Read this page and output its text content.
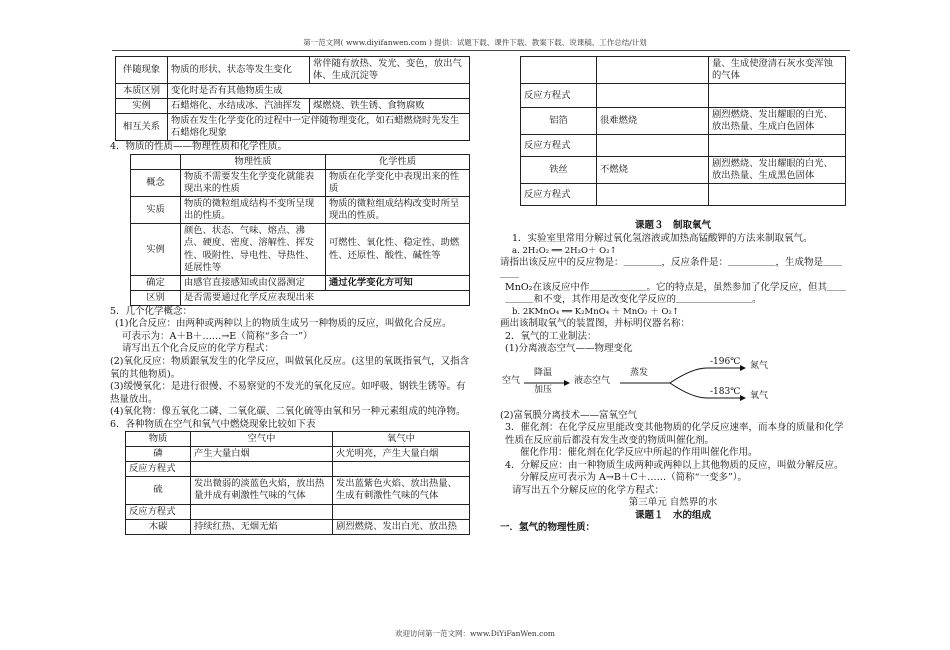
第一范文网( www.diyifanwen.com ) 提供：试题下载、课件下载、教案下载、说课稿、工作总结/计划
伴随现象	物质的形状、状态等发生变化	常伴随有放热、发光、变色，放出气体、生成沉淀等
本质区别	变化时是否有其他物质生成	
实例	石蜡熔化、水结成冰、汽油挥发	煤燃烧、铁生锈、食物腐败
相互关系	物质在发生化学变化的过程中一定伴随物理变化，如石蜡燃烧时先发生石蜡熔化现象	

4．物质的性质——物理性质和化学性质。

	物理性质	化学性质
概念	物质不需要发生化学变化就能表现出来的性质	物质在化学变化中表现出来的性质
实质	物质的微粒组成结构不变所呈现出的性质。	物质的微粒组成结构改变时所呈现出的性质。
实例	颜色、状态、气味、熔点、沸点、硬度、密度、溶解性、挥发性、吸附性、导电性、导热性、延展性等	可燃性、氧化性、稳定性、助燃性、还原性、酸性、碱性等
确定	由感官直接感知或由仪器测定	通过化学变化方可知
区别	是否需要通过化学反应表现出来	

5．几个化学概念：

(1)化合反应：由两种或两种以上的物质生成另一种物质的反应，叫做化合反应。

可表示为：A＋B＋……→E（简称“多合一”）

请写出五个化合反应的化学方程式：

(2)氧化反应：物质跟氧发生的化学反应，叫做氧化反应。(这里的氧既指氧气，又指含氧的其他物质)。

(3)缓慢氧化：是进行很慢、不易察觉的不发光的氧化反应。如呼吸、钢铁生锈等。有热量放出。

(4)氧化物：像五氧化二磷、二氧化碳、二氧化硫等由氧和另一种元素组成的纯净物。

6．各种物质在空气和氧气中燃烧现象比较如下表

物质	空气中	氧气中
磷	产生大量白烟	火光明亮，产生大量白烟
反应方程式		
硫	发出微弱的淡蓝色火焰，放出热量并成有刺激性气味的气体	发出蓝紫色火焰、放出热量、生成有刺激性气味的气体
反应方程式		
木碳	持续红热、无烟无焰	剧烈燃烧、发出白光、放出热
		量、生成使澄清石灰水变浑蚀的气体
反应方程式		
铝箔	很难燃烧	剧烈燃烧、发出耀眼的白光、放出热量、生成白色固体
反应方程式		
铁丝	不燃烧	剧烈燃烧、发出耀眼的白光、放出热量、生成黑色固体
反应方程式		

课题３　制取氧气

1．实验室里常用分解过氧化氢溶液或加热高锰酸钾的方法来制取氧气。

a. 2H₂O₂ ══ 2H₂O＋ O₂↑

请指出该反应中的反应物是：＿＿＿＿，反应条件是：＿＿＿＿＿，生成物是＿＿＿＿

MnO₂在该反应中作＿＿＿＿＿＿。它的特点是，虽然参加了化学反应，但其＿＿＿＿＿和不变，其作用是改变化学反应的＿＿＿＿＿＿＿＿。

b. 2KMnO₄ ══ K₂MnO₄ ＋ MnO₂ ＋ O₂↑

画出该制取氧气的装置图，并标明仪器名称：

2．氧气的工业制法：

(1)分离液态空气——物理变化

空气
降温
加压
液态空气
蒸发
-196℃
-183℃
氮气
氧气

(2)富氧膜分离技术——富氧空气

3．催化剂：在化学反应里能改变其他物质的化学反应速率，而本身的质量和化学性质在反应前后都没有发生改变的物质叫催化剂。

催化作用：催化剂在化学反应中所起的作用叫催化作用。

4．分解反应：由一种物质生成两种或两种以上其他物质的反应，叫做分解反应。

分解反应可表示为 A→B＋C＋……（简称“一变多”）。

请写出五个分解反应的化学方程式：

第三单元 自然界的水

课题１　水的组成

一．氢气的物理性质：

欢迎访问第一范文网：www.DiYiFanWen.com
